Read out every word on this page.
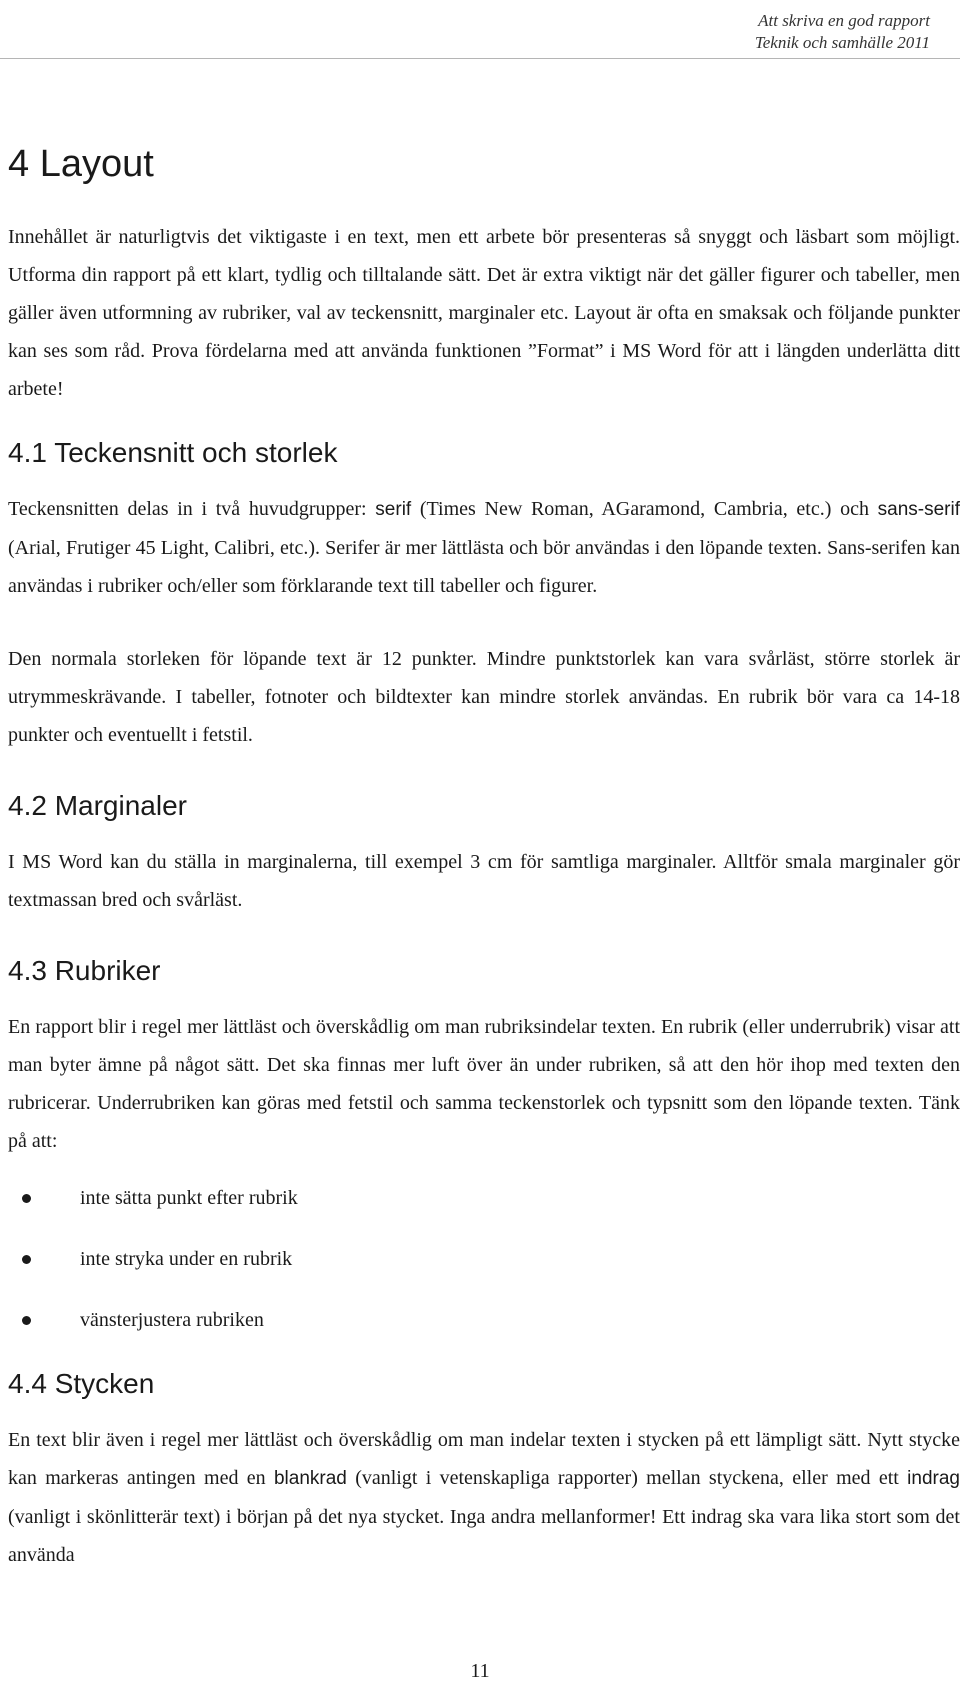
Att skriva en god rapport
Teknik och samhälle 2011
4 Layout

Innehållet är naturligtvis det viktigaste i en text, men ett arbete bör presenteras så snyggt och läsbart som möjligt. Utforma din rapport på ett klart, tydlig och tilltalande sätt. Det är extra viktigt när det gäller figurer och tabeller, men gäller även utformning av rubriker, val av teckensnitt, marginaler etc. Layout är ofta en smaksak och följande punkter kan ses som råd. Prova fördelarna med att använda funktionen ”Format” i MS Word för att i längden underlätta ditt arbete!

4.1 Teckensnitt och storlek

Teckensnitten delas in i två huvudgrupper: serif (Times New Roman, AGaramond, Cambria, etc.) och sans-serif (Arial, Frutiger 45 Light, Calibri, etc.). Serifer är mer lättlästa och bör användas i den löpande texten. Sans-serifen kan användas i rubriker och/eller som förklarande text till tabeller och figurer.

Den normala storleken för löpande text är 12 punkter. Mindre punktstorlek kan vara svårläst, större storlek är utrymmeskrävande. I tabeller, fotnoter och bildtexter kan mindre storlek användas. En rubrik bör vara ca 14-18 punkter och eventuellt i fetstil.

4.2 Marginaler

I MS Word kan du ställa in marginalerna, till exempel 3 cm för samtliga marginaler. Alltför smala marginaler gör textmassan bred och svårläst.

4.3 Rubriker

En rapport blir i regel mer lättläst och överskådlig om man rubriksindelar texten. En rubrik (eller underrubrik) visar att man byter ämne på något sätt. Det ska finnas mer luft över än under rubriken, så att den hör ihop med texten den rubricerar. Underrubriken kan göras med fetstil och samma teckenstorlek och typsnitt som den löpande texten. Tänk på att:

inte sätta punkt efter rubrik
inte stryka under en rubrik
vänsterjustera rubriken
4.4 Stycken

En text blir även i regel mer lättläst och överskådlig om man indelar texten i stycken på ett lämpligt sätt. Nytt stycke kan markeras antingen med en blankrad (vanligt i vetenskapliga rapporter) mellan styckena, eller med ett indrag (vanligt i skönlitterär text) i början på det nya stycket. Inga andra mellanformer! Ett indrag ska vara lika stort som det använda

11
